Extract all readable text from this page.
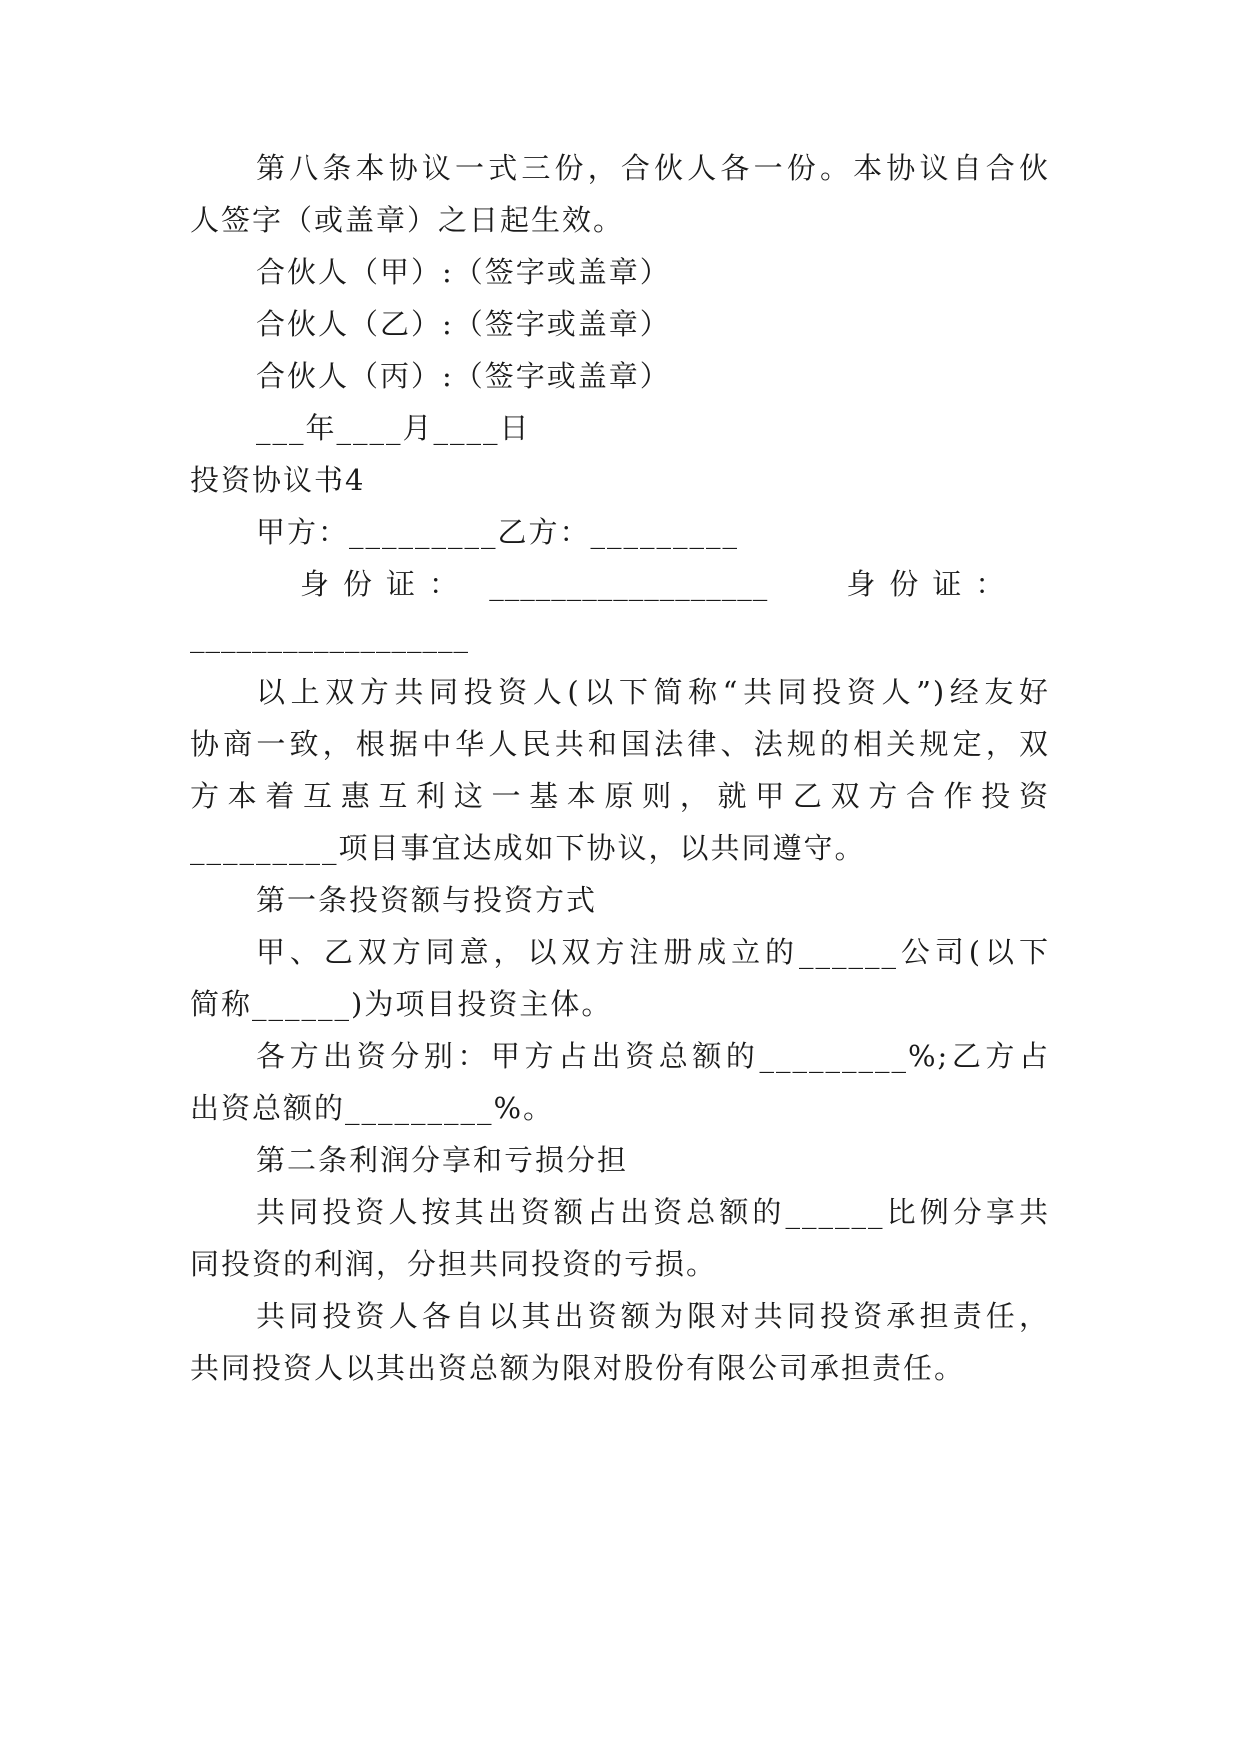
第八条本协议一式三份，合伙人各一份。本协议自合伙
人签字（或盖章）之日起生效。
合伙人（甲）:（签字或盖章）
合伙人（乙）:（签字或盖章）
合伙人（丙）:（签字或盖章）
___年____月____日
投资协议书4
甲方：_________乙方：_________
身份证： __________________	身份证：
__________________
以上双方共同投资人(以下简称“共同投资人”)经友好
协商一致，根据中华人民共和国法律、法规的相关规定，双
方本着互惠互利这一基本原则，就甲乙双方合作投资
_________项目事宜达成如下协议，以共同遵守。
第一条投资额与投资方式
甲、乙双方同意，以双方注册成立的______公司(以下
简称______)为项目投资主体。
各方出资分别：甲方占出资总额的_________%;乙方占
出资总额的_________%。
第二条利润分享和亏损分担
共同投资人按其出资额占出资总额的______比例分享共
同投资的利润，分担共同投资的亏损。
共同投资人各自以其出资额为限对共同投资承担责任，
共同投资人以其出资总额为限对股份有限公司承担责任。
